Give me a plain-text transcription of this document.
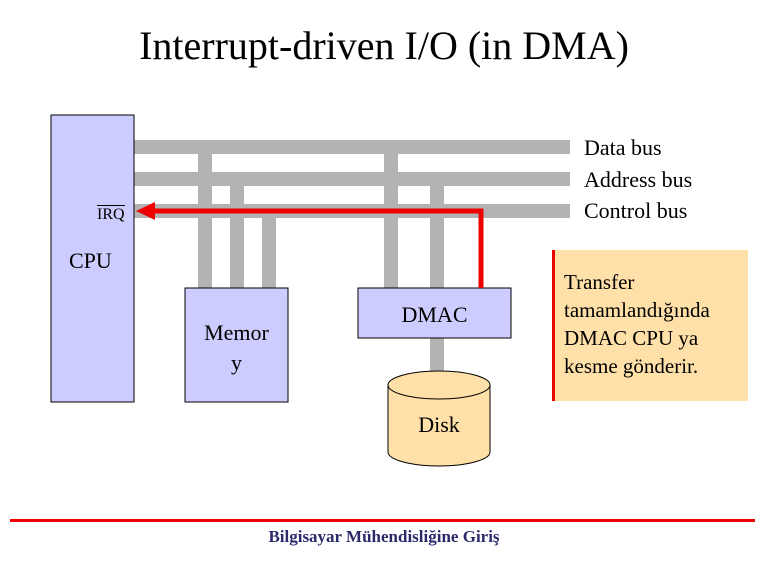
Interrupt-driven I/O (in DMA)
Data bus
Address bus
Control bus
IRQ
CPU
Memor
y
DMAC
Disk
Transfer
tamamlandığında
DMAC CPU ya
kesme gönderir.
Bilgisayar Mühendisliğine Giriş
